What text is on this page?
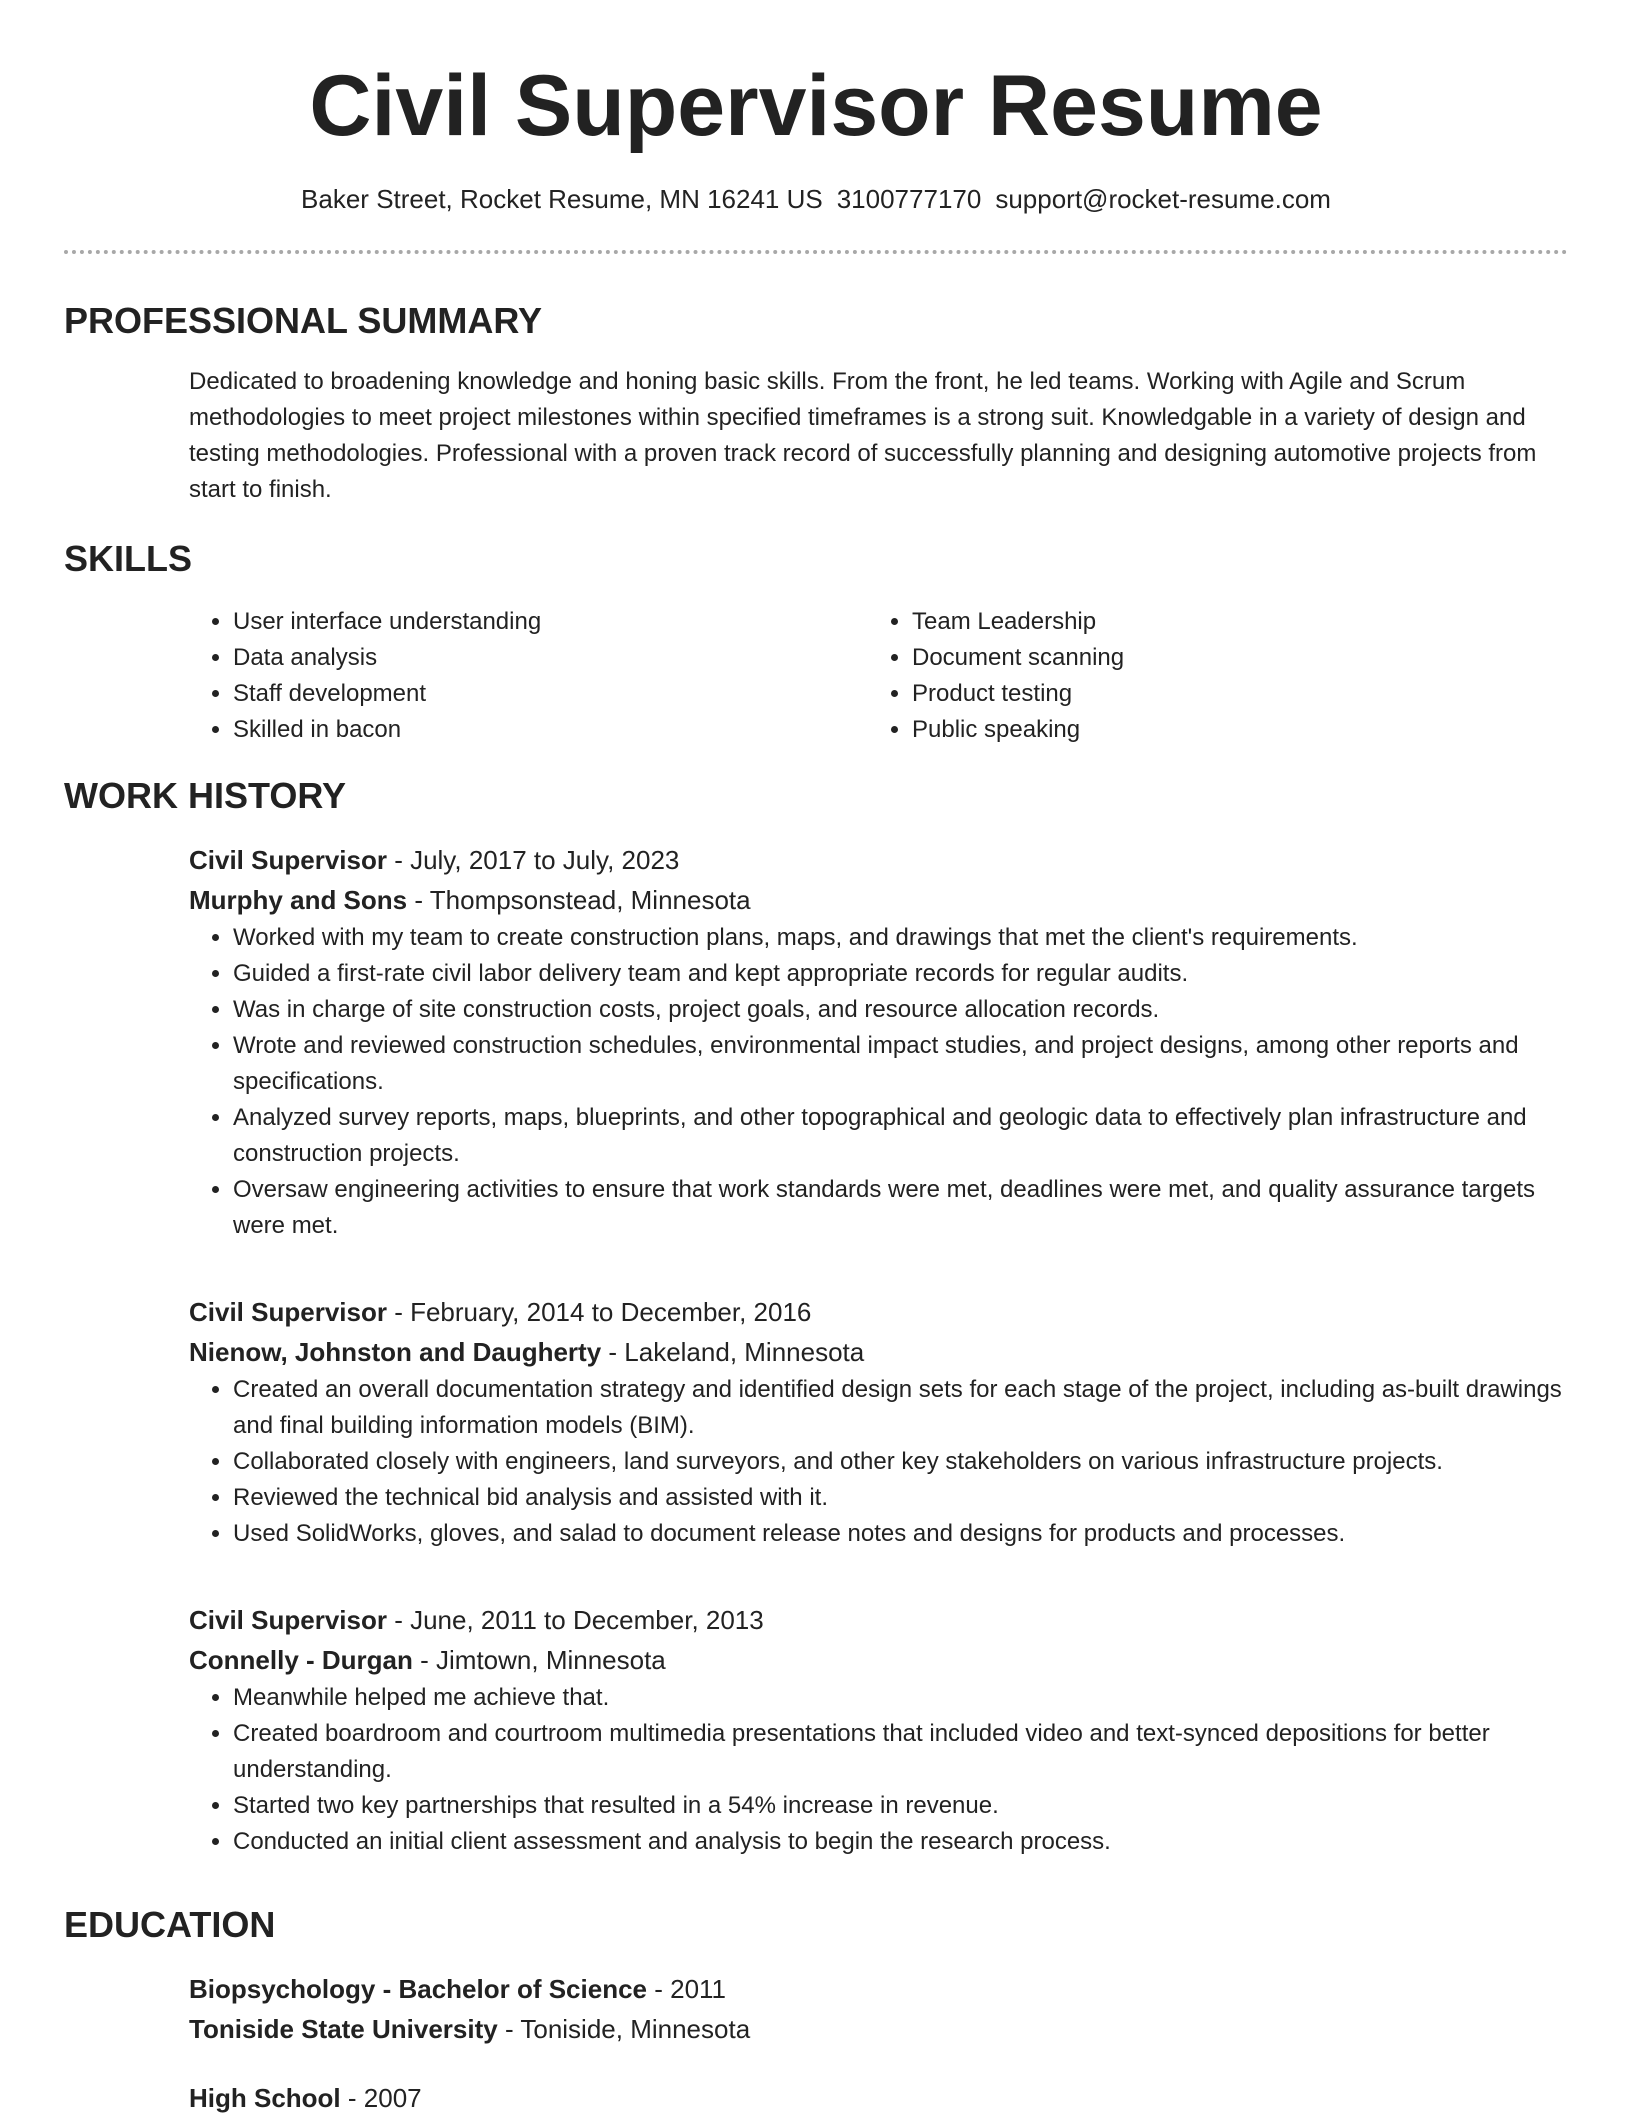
Civil Supervisor Resume
Baker Street, Rocket Resume, MN 16241 US 3100777170 support@rocket-resume.com
PROFESSIONAL SUMMARY

Dedicated to broadening knowledge and honing basic skills. From the front, he led teams. Working with Agile and Scrum methodologies to meet project milestones within specified timeframes is a strong suit. Knowledgable in a variety of design and testing methodologies. Professional with a proven track record of successfully planning and designing automotive projects from start to finish.

SKILLS
• User interface understanding
• Data analysis
• Staff development
• Skilled in bacon
• Team Leadership
• Document scanning
• Product testing
• Public speaking
WORK HISTORY

Civil Supervisor - July, 2017 to July, 2023

Murphy and Sons - Thompsonstead, Minnesota

• Worked with my team to create construction plans, maps, and drawings that met the client's requirements.
• Guided a first-rate civil labor delivery team and kept appropriate records for regular audits.
• Was in charge of site construction costs, project goals, and resource allocation records.
• Wrote and reviewed construction schedules, environmental impact studies, and project designs, among other reports and specifications.
• Analyzed survey reports, maps, blueprints, and other topographical and geologic data to effectively plan infrastructure and construction projects.
• Oversaw engineering activities to ensure that work standards were met, deadlines were met, and quality assurance targets were met.

Civil Supervisor - February, 2014 to December, 2016

Nienow, Johnston and Daugherty - Lakeland, Minnesota

• Created an overall documentation strategy and identified design sets for each stage of the project, including as-built drawings and final building information models (BIM).
• Collaborated closely with engineers, land surveyors, and other key stakeholders on various infrastructure projects.
• Reviewed the technical bid analysis and assisted with it.
• Used SolidWorks, gloves, and salad to document release notes and designs for products and processes.

Civil Supervisor - June, 2011 to December, 2013

Connelly - Durgan - Jimtown, Minnesota

• Meanwhile helped me achieve that.
• Created boardroom and courtroom multimedia presentations that included video and text-synced depositions for better understanding.
• Started two key partnerships that resulted in a 54% increase in revenue.
• Conducted an initial client assessment and analysis to begin the research process.
EDUCATION

Biopsychology - Bachelor of Science - 2011

Toniside State University - Toniside, Minnesota

High School - 2007
